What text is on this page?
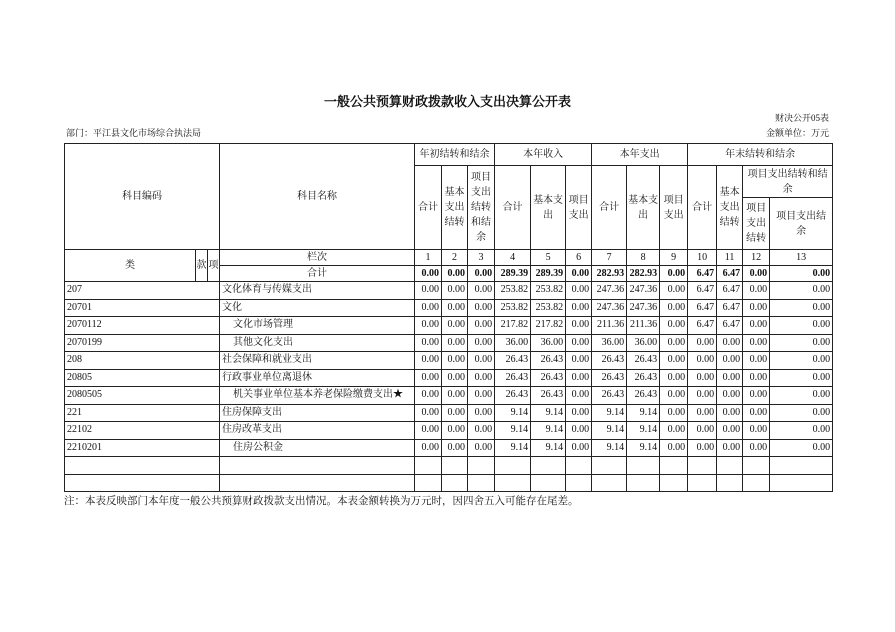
一般公共预算财政拨款收入支出决算公开表
财决公开05表
部门：平江县文化市场综合执法局	金额单位：万元
科目编码			科目名称	年初结转和结余			本年收入			本年支出			年末结转和结余			

				合计	基本支出结转	项目支出结转和结余	合计	基本支出	项目支出	合计	基本支出	项目支出	合计	基本支出结转	项目支出结转和结余	

															项目支出结转	项目支出结余

类	款	项	栏次	1	2	3	4	5	6	7	8	9	10	11	12	13
			合计	0.00	0.00	0.00	289.39	289.39	0.00	282.93	282.93	0.00	6.47	6.47	0.00	0.00
207			文化体育与传媒支出	0.00	0.00	0.00	253.82	253.82	0.00	247.36	247.36	0.00	6.47	6.47	0.00	0.00
20701			文化	0.00	0.00	0.00	253.82	253.82	0.00	247.36	247.36	0.00	6.47	6.47	0.00	0.00
2070112			文化市场管理	0.00	0.00	0.00	217.82	217.82	0.00	211.36	211.36	0.00	6.47	6.47	0.00	0.00
2070199			其他文化支出	0.00	0.00	0.00	36.00	36.00	0.00	36.00	36.00	0.00	0.00	0.00	0.00	0.00
208			社会保障和就业支出	0.00	0.00	0.00	26.43	26.43	0.00	26.43	26.43	0.00	0.00	0.00	0.00	0.00
20805			行政事业单位离退休	0.00	0.00	0.00	26.43	26.43	0.00	26.43	26.43	0.00	0.00	0.00	0.00	0.00
2080505			机关事业单位基本养老保险缴费支出★	0.00	0.00	0.00	26.43	26.43	0.00	26.43	26.43	0.00	0.00	0.00	0.00	0.00
221			住房保障支出	0.00	0.00	0.00	9.14	9.14	0.00	9.14	9.14	0.00	0.00	0.00	0.00	0.00
22102			住房改革支出	0.00	0.00	0.00	9.14	9.14	0.00	9.14	9.14	0.00	0.00	0.00	0.00	0.00
2210201			住房公积金	0.00	0.00	0.00	9.14	9.14	0.00	9.14	9.14	0.00	0.00	0.00	0.00	0.00

注：本表反映部门本年度一般公共预算财政拨款支出情况。本表金额转换为万元时，因四舍五入可能存在尾差。
